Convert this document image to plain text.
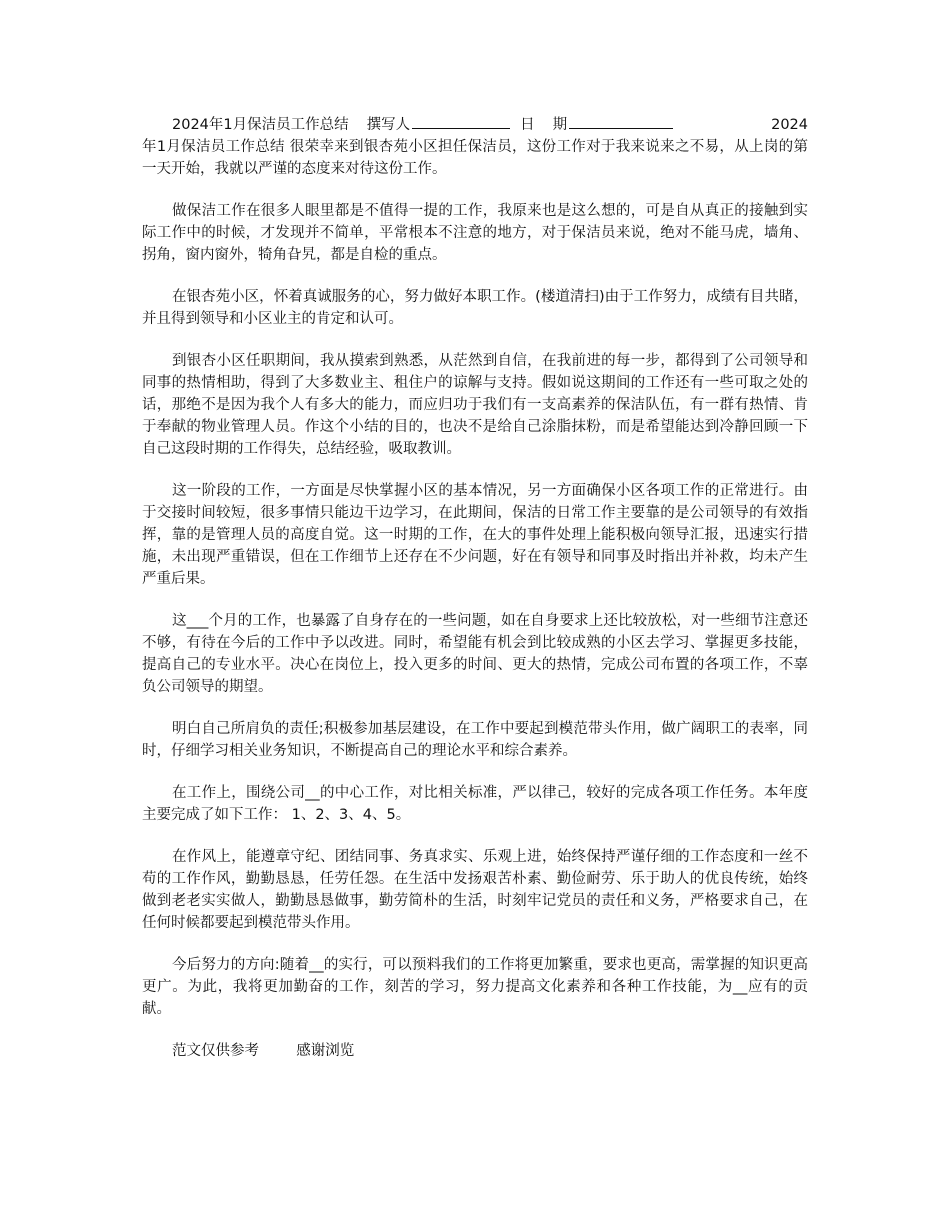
2024年1月保洁员工作总结 撰写人	日 期	2024

年1月保洁员工作总结 很荣幸来到银杏苑小区担任保洁员，这份工作对于我来说来之不易，从上岗的第一天开始，我就以严谨的态度来对待这份工作。

做保洁工作在很多人眼里都是不值得一提的工作，我原来也是这么想的，可是自从真正的接触到实际工作中的时候，才发现并不简单，平常根本不注意的地方，对于保洁员来说，绝对不能马虎，墙角、拐角，窗内窗外，犄角旮旯，都是自检的重点。

在银杏苑小区，怀着真诚服务的心，努力做好本职工作。(楼道清扫)由于工作努力，成绩有目共睹，并且得到领导和小区业主的肯定和认可。

到银杏小区任职期间，我从摸索到熟悉，从茫然到自信，在我前进的每一步，都得到了公司领导和同事的热情相助，得到了大多数业主、租住户的谅解与支持。假如说这期间的工作还有一些可取之处的话，那绝不是因为我个人有多大的能力，而应归功于我们有一支高素养的保洁队伍，有一群有热情、肯于奉献的物业管理人员。作这个小结的目的，也决不是给自己涂脂抹粉，而是希望能达到冷静回顾一下自己这段时期的工作得失，总结经验，吸取教训。

这一阶段的工作，一方面是尽快掌握小区的基本情况，另一方面确保小区各项工作的正常进行。由于交接时间较短，很多事情只能边干边学习，在此期间，保洁的日常工作主要靠的是公司领导的有效指挥，靠的是管理人员的高度自觉。这一时期的工作，在大的事件处理上能积极向领导汇报，迅速实行措施，未出现严重错误，但在工作细节上还存在不少问题，好在有领导和同事及时指出并补救，均未产生严重后果。

这___个月的工作，也暴露了自身存在的一些问题，如在自身要求上还比较放松，对一些细节注意还不够，有待在今后的工作中予以改进。同时，希望能有机会到比较成熟的小区去学习、掌握更多技能，提高自己的专业水平。决心在岗位上，投入更多的时间、更大的热情，完成公司布置的各项工作，不辜负公司领导的期望。

明白自己所肩负的责任;积极参加基层建设，在工作中要起到模范带头作用，做广阔职工的表率，同时，仔细学习相关业务知识，不断提高自己的理论水平和综合素养。

在工作上，围绕公司__的中心工作，对比相关标准，严以律己，较好的完成各项工作任务。本年度主要完成了如下工作： 1、2、3、4、5。

在作风上，能遵章守纪、团结同事、务真求实、乐观上进，始终保持严谨仔细的工作态度和一丝不苟的工作作风，勤勤恳恳，任劳任怨。在生活中发扬艰苦朴素、勤俭耐劳、乐于助人的优良传统，始终做到老老实实做人，勤勤恳恳做事，勤劳简朴的生活，时刻牢记党员的责任和义务，严格要求自己，在任何时候都要起到模范带头作用。

今后努力的方向:随着__的实行，可以预料我们的工作将更加繁重，要求也更高，需掌握的知识更高更广。为此，我将更加勤奋的工作，刻苦的学习，努力提高文化素养和各种工作技能，为__应有的贡献。

范文仅供参考	感谢浏览
